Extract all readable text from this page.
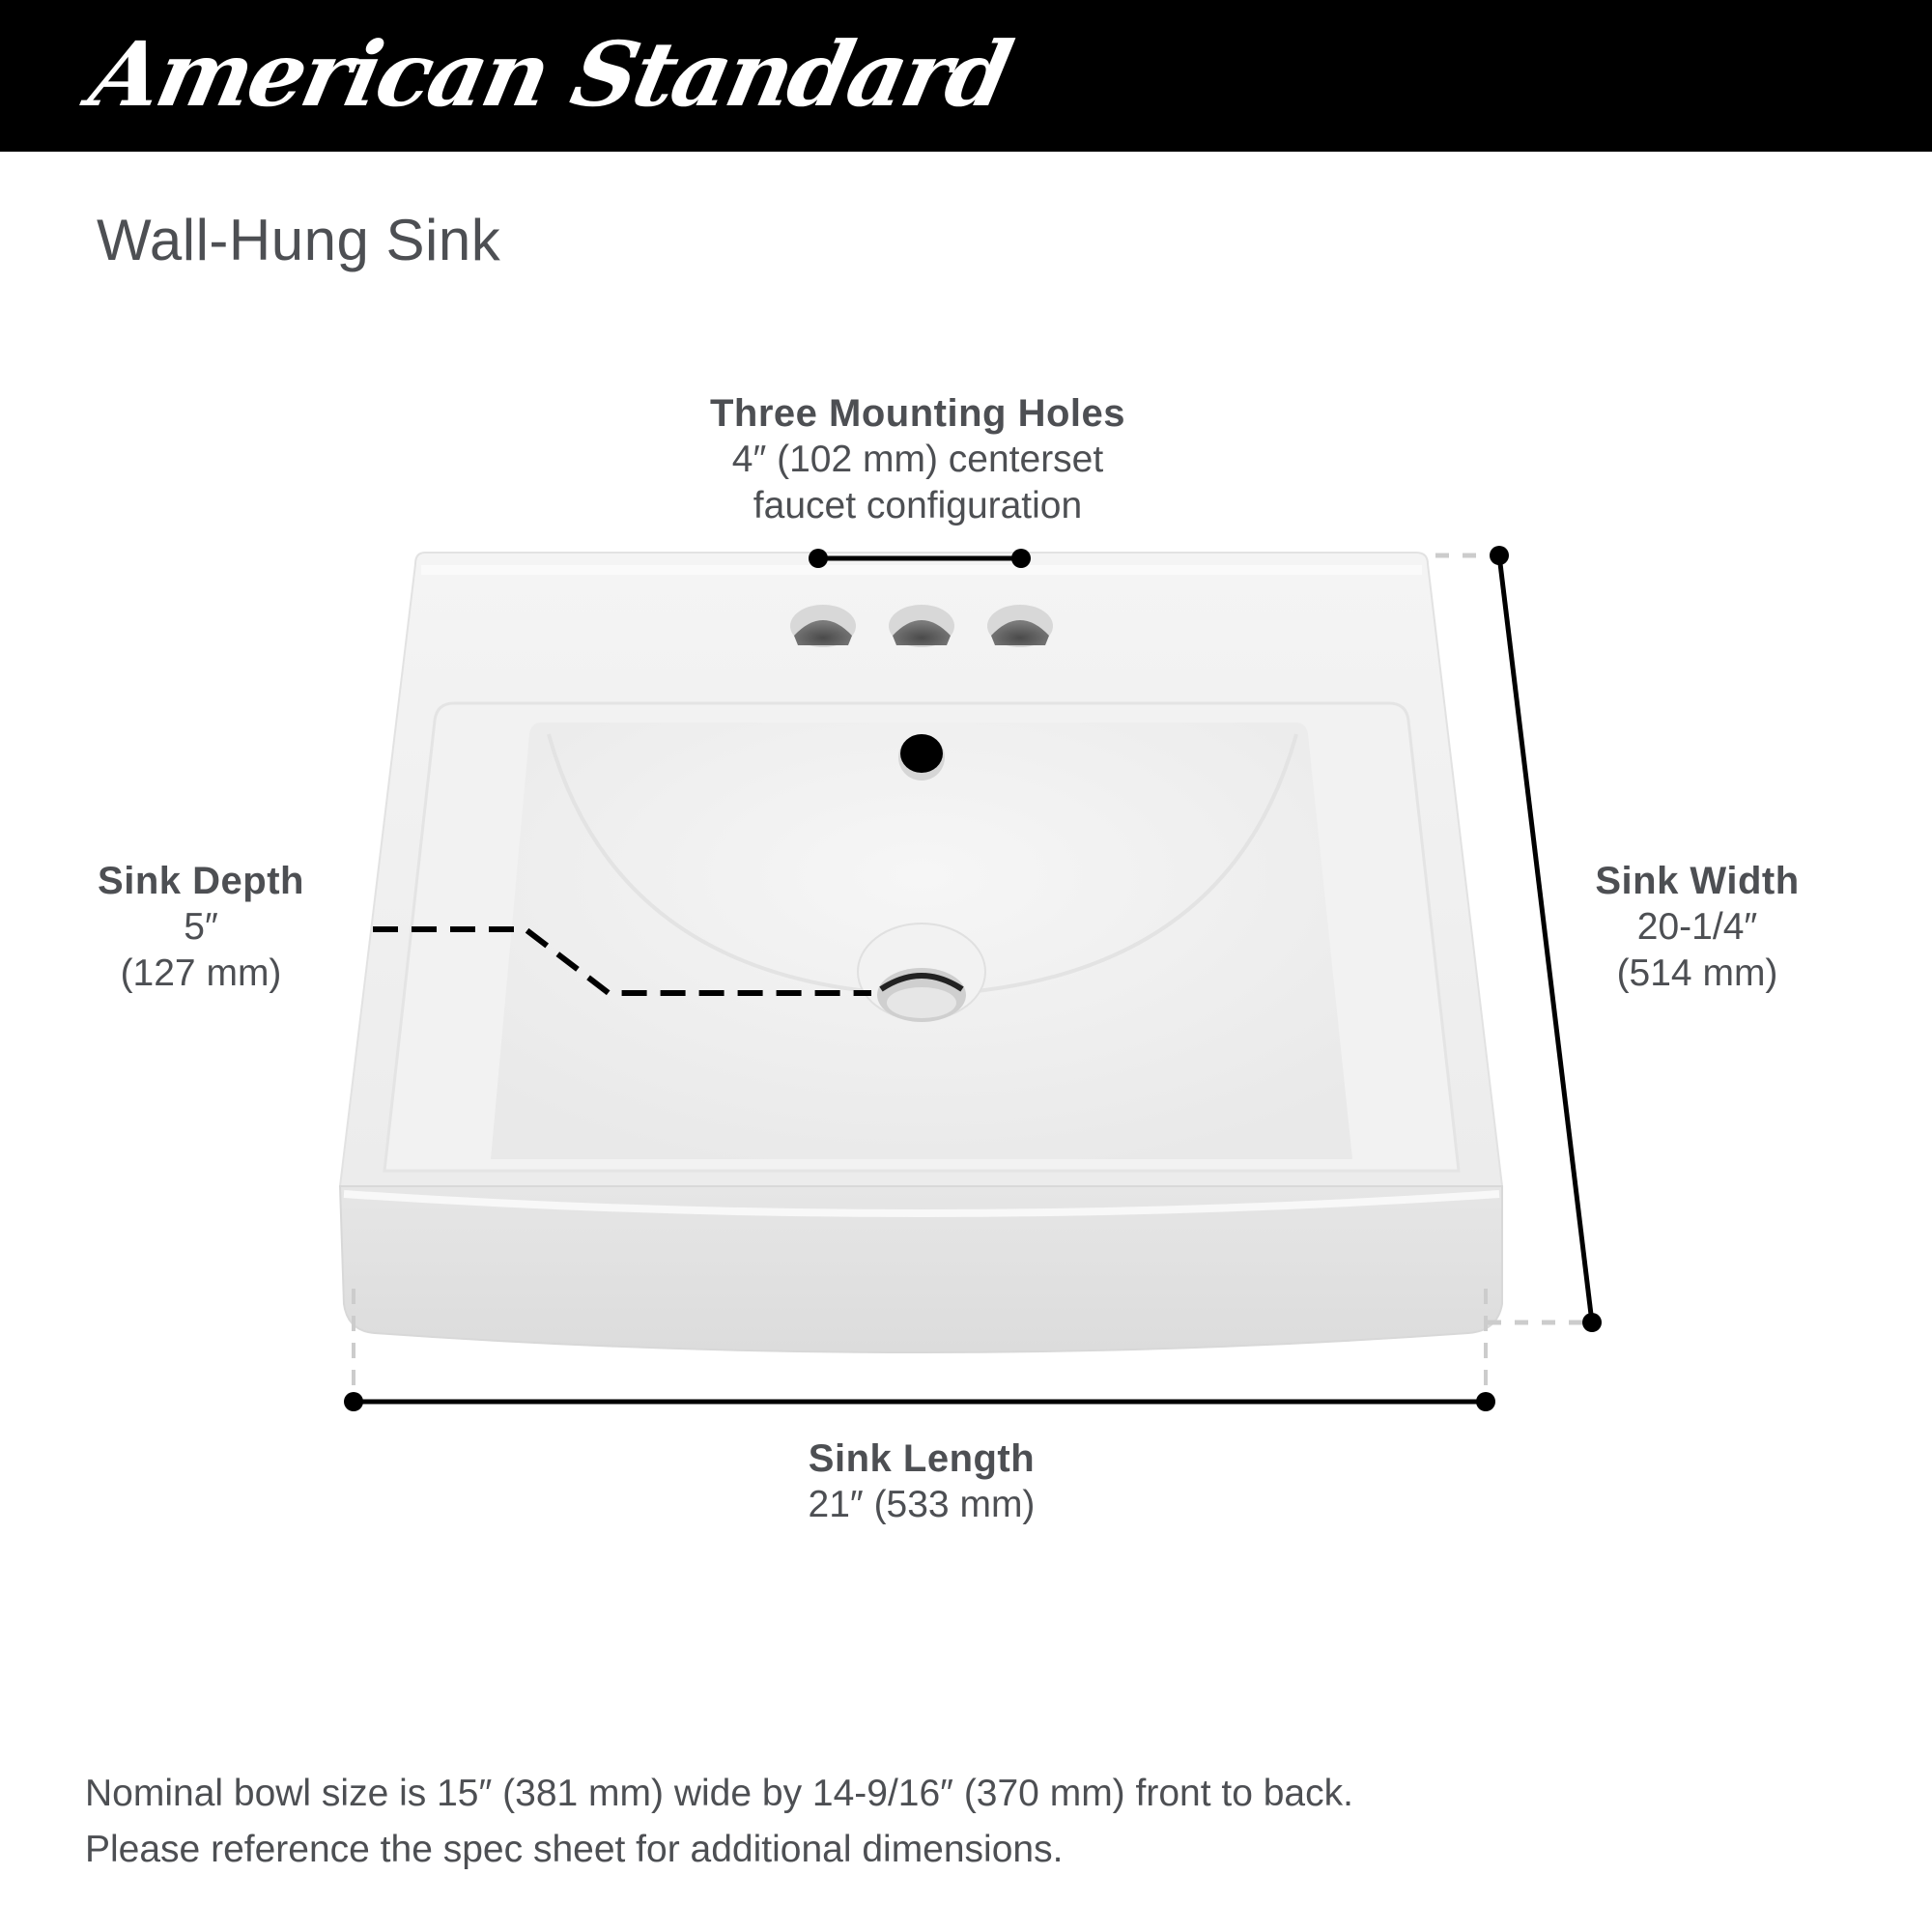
American Standard
Wall-Hung Sink
Three Mounting Holes
4″ (102 mm) centerset
faucet configuration
Sink Depth
5″
(127 mm)
Sink Width
20-1/4″
(514 mm)
Sink Length
21″ (533 mm)
Nominal bowl size is 15″ (381 mm) wide by 14-9/16″ (370 mm) front to back.
Please reference the spec sheet for additional dimensions.
